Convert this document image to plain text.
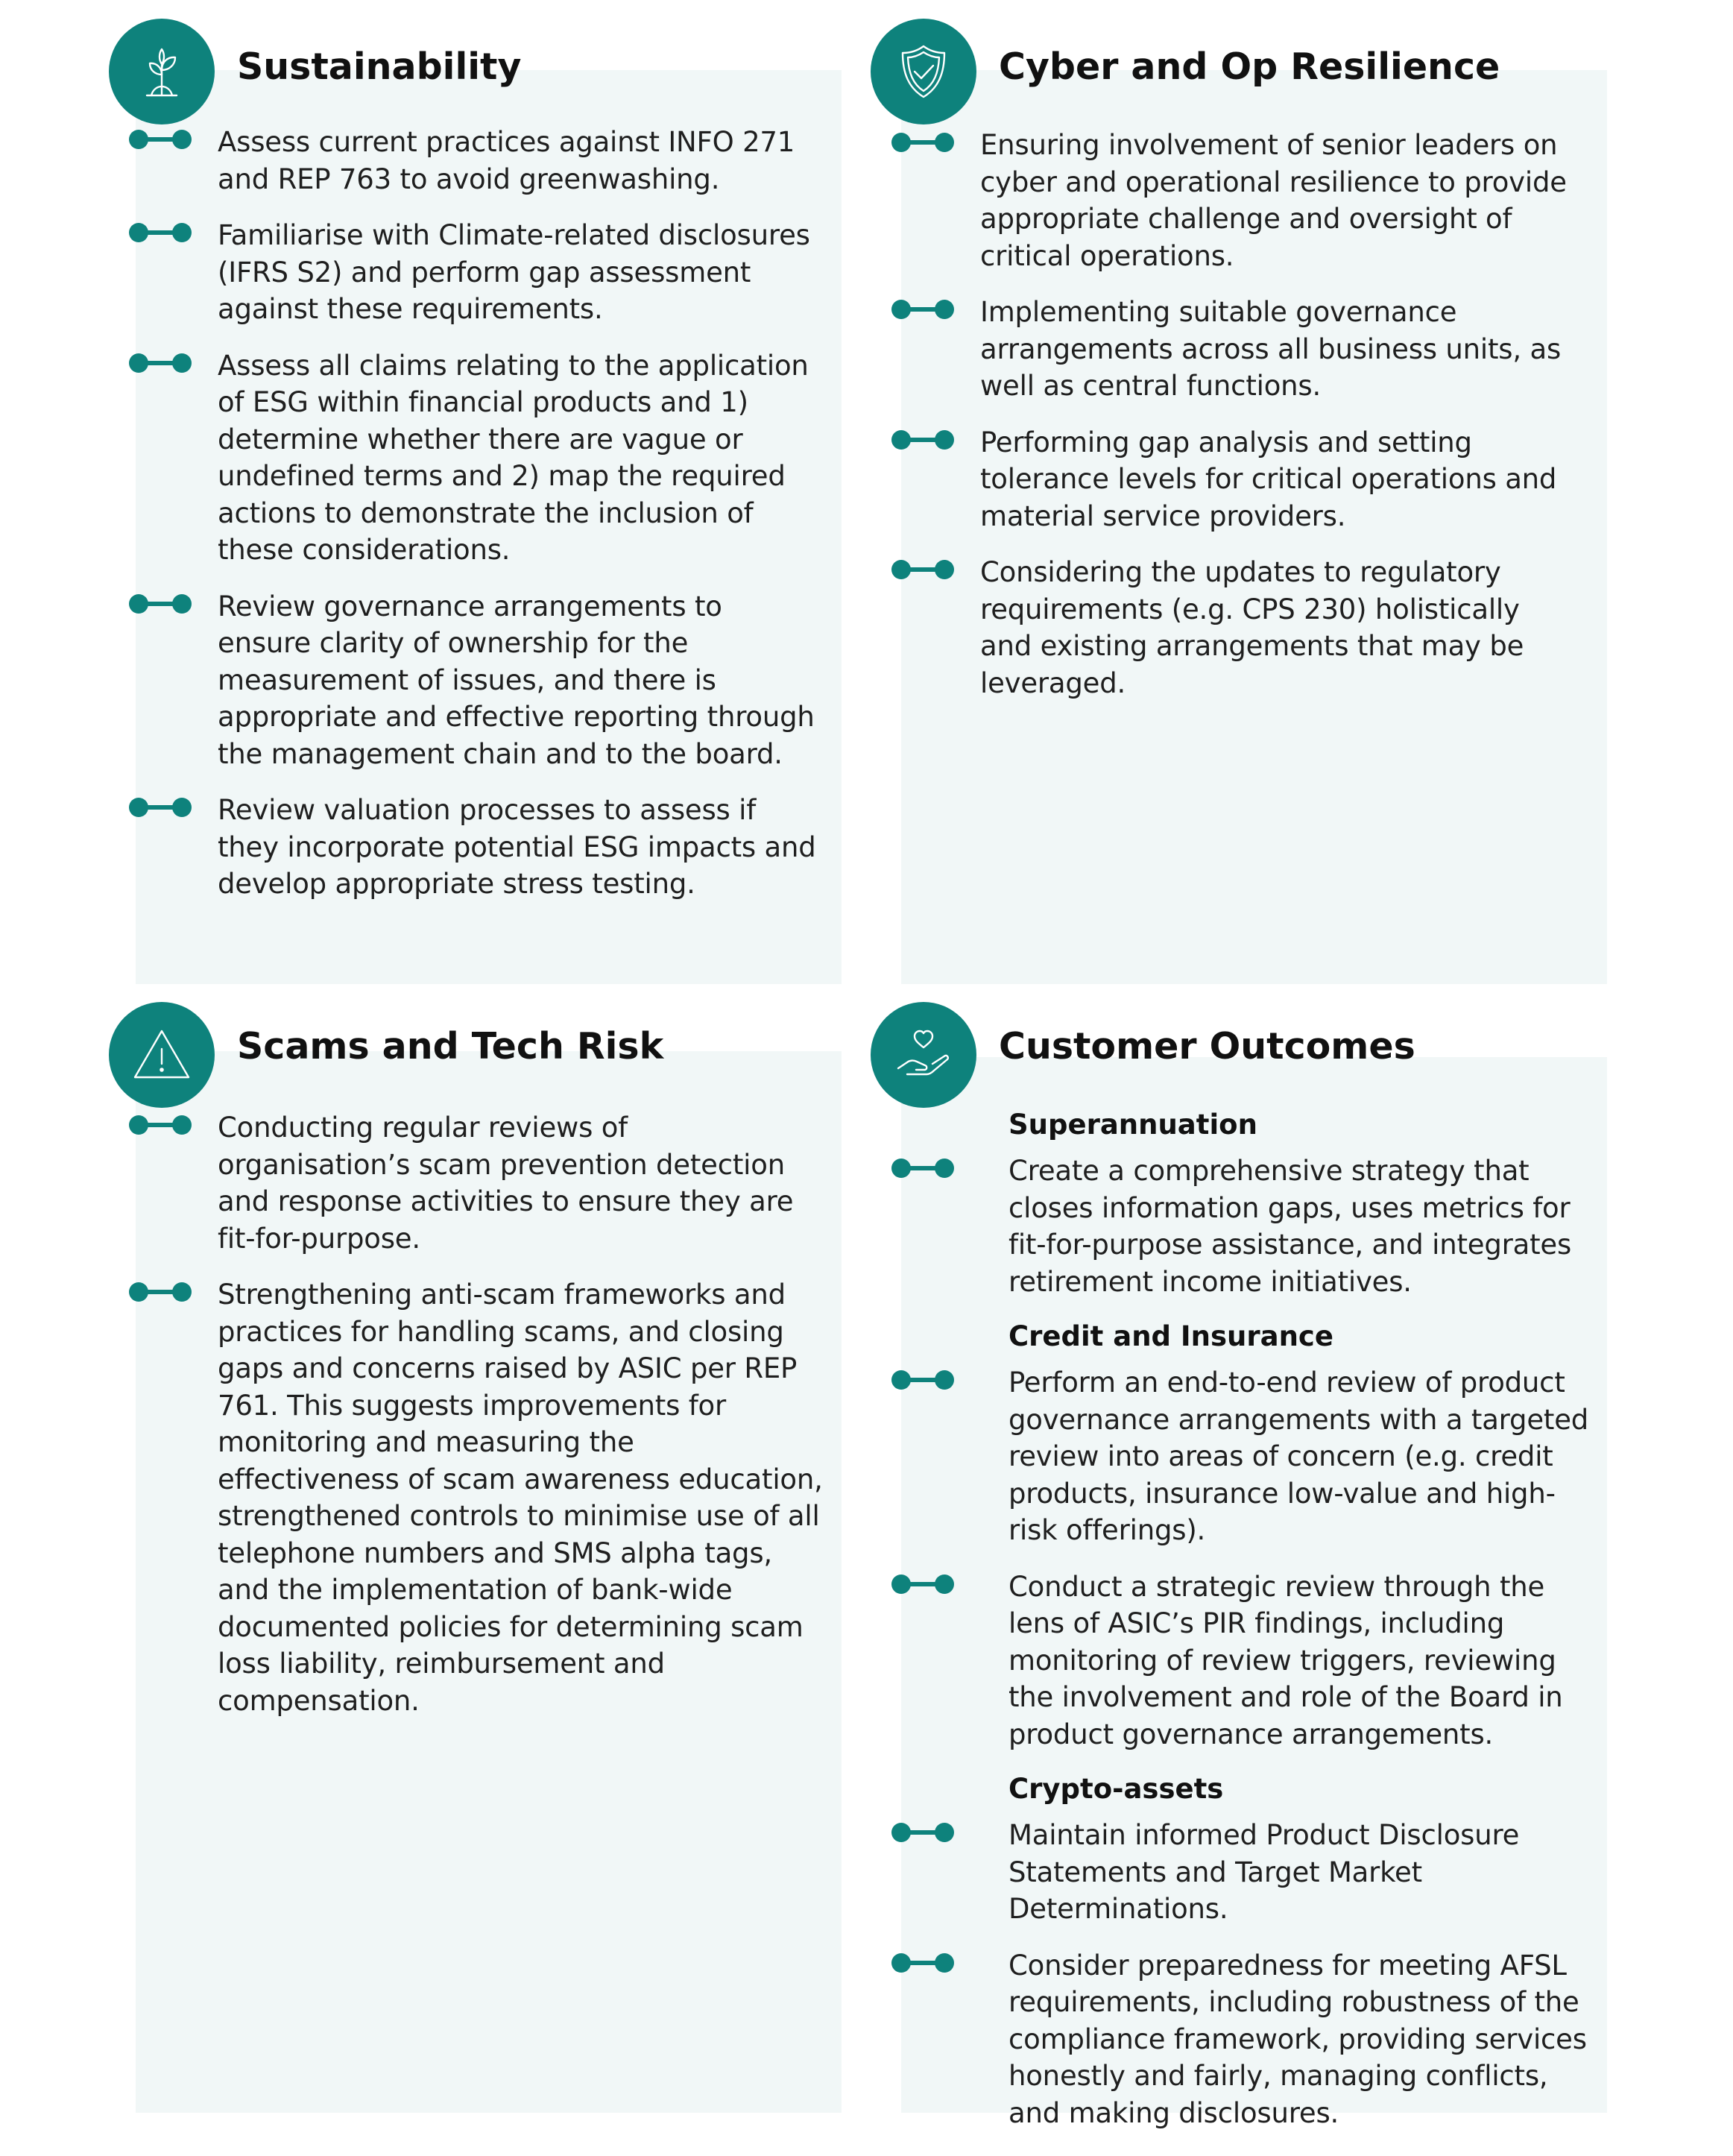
Sustainability
Assess current practices against INFO 271 and REP 763 to avoid greenwashing.
Familiarise with Climate-related disclosures (IFRS S2) and perform gap assessment against these requirements.
Assess all claims relating to the application of ESG within financial products and 1) determine whether there are vague or undefined terms and 2) map the required actions to demonstrate the inclusion of these considerations.
Review governance arrangements to ensure clarity of ownership for the measurement of issues, and there is appropriate and effective reporting through the management chain and to the board.
Review valuation processes to assess if they incorporate potential ESG impacts and develop appropriate stress testing.
Cyber and Op Resilience
Ensuring involvement of senior leaders on cyber and operational resilience to provide appropriate challenge and oversight of critical operations.
Implementing suitable governance arrangements across all business units, as well as central functions.
Performing gap analysis and setting tolerance levels for critical operations and material service providers.
Considering the updates to regulatory requirements (e.g. CPS 230) holistically and existing arrangements that may be leveraged.
Scams and Tech Risk
Conducting regular reviews of organisation’s scam prevention detection and response activities to ensure they are fit-for-purpose.
Strengthening anti-scam frameworks and practices for handling scams, and closing gaps and concerns raised by ASIC per REP 761. This suggests improvements for monitoring and measuring the effectiveness of scam awareness education, strengthened controls to minimise use of all telephone numbers and SMS alpha tags, and the implementation of bank-wide documented policies for determining scam loss liability, reimbursement and compensation.
Customer Outcomes
Superannuation
Create a comprehensive strategy that closes information gaps, uses metrics for fit-for-purpose assistance, and integrates retirement income initiatives.
Credit and Insurance
Perform an end-to-end review of product governance arrangements with a targeted review into areas of concern (e.g. credit products, insurance low-value and high-risk offerings).
Conduct a strategic review through the lens of ASIC’s PIR findings, including monitoring of review triggers, reviewing the involvement and role of the Board in product governance arrangements.
Crypto-assets
Maintain informed Product Disclosure Statements and Target Market Determinations.
Consider preparedness for meeting AFSL requirements, including robustness of the compliance framework, providing services honestly and fairly, managing conflicts, and making disclosures.
